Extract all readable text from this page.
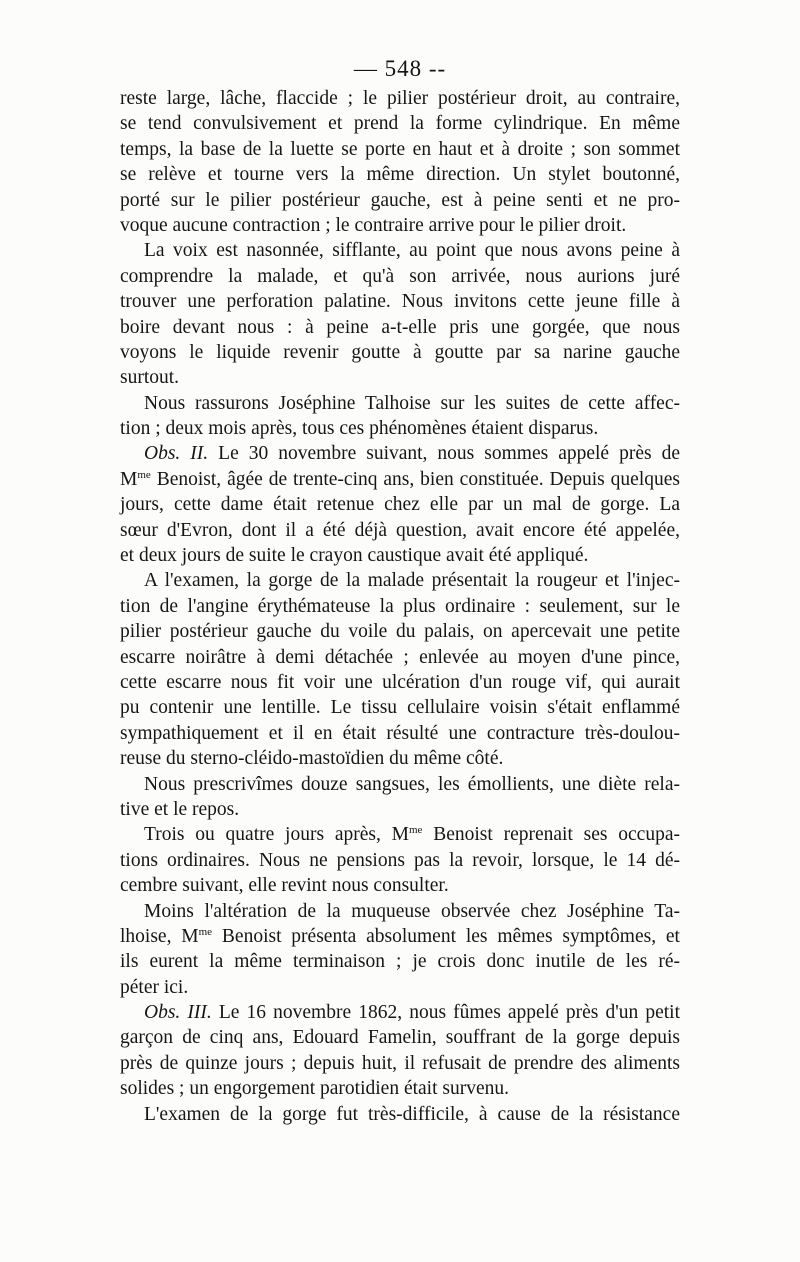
— 548 --
reste large, lâche, flaccide ; le pilier postérieur droit, au contraire,
se tend convulsivement et prend la forme cylindrique. En même
temps, la base de la luette se porte en haut et à droite ; son sommet
se relève et tourne vers la même direction. Un stylet boutonné,
porté sur le pilier postérieur gauche, est à peine senti et ne pro-
voque aucune contraction ; le contraire arrive pour le pilier droit.
La voix est nasonnée, sifflante, au point que nous avons peine à
comprendre la malade, et qu'à son arrivée, nous aurions juré
trouver une perforation palatine. Nous invitons cette jeune fille à
boire devant nous : à peine a-t-elle pris une gorgée, que nous
voyons le liquide revenir goutte à goutte par sa narine gauche
surtout.
Nous rassurons Joséphine Talhoise sur les suites de cette affec-
tion ; deux mois après, tous ces phénomènes étaient disparus.
Obs. II. Le 30 novembre suivant, nous sommes appelé près de
$M^{me}$ Benoist, âgée de trente-cinq ans, bien constituée. Depuis quelques
jours, cette dame était retenue chez elle par un mal de gorge. La
sœur d'Evron, dont il a été déjà question, avait encore été appelée,
et deux jours de suite le crayon caustique avait été appliqué.
A l'examen, la gorge de la malade présentait la rougeur et l'injec-
tion de l'angine érythémateuse la plus ordinaire : seulement, sur le
pilier postérieur gauche du voile du palais, on apercevait une petite
escarre noirâtre à demi détachée ; enlevée au moyen d'une pince,
cette escarre nous fit voir une ulcération d'un rouge vif, qui aurait
pu contenir une lentille. Le tissu cellulaire voisin s'était enflammé
sympathiquement et il en était résulté une contracture très-doulou-
reuse du sterno-cléido-mastoïdien du même côté.
Nous prescrivîmes douze sangsues, les émollients, une diète rela-
tive et le repos.
Trois ou quatre jours après, $M^{me}$ Benoist reprenait ses occupa-
tions ordinaires. Nous ne pensions pas la revoir, lorsque, le 14 dé-
cembre suivant, elle revint nous consulter.
Moins l'altération de la muqueuse observée chez Joséphine Ta-
lhoise, $M^{me}$ Benoist présenta absolument les mêmes symptômes, et
ils eurent la même terminaison ; je crois donc inutile de les ré-
péter ici.
Obs. III. Le 16 novembre 1862, nous fûmes appelé près d'un petit
garçon de cinq ans, Edouard Famelin, souffrant de la gorge depuis
près de quinze jours ; depuis huit, il refusait de prendre des aliments
solides ; un engorgement parotidien était survenu.
L'examen de la gorge fut très-difficile, à cause de la résistance
